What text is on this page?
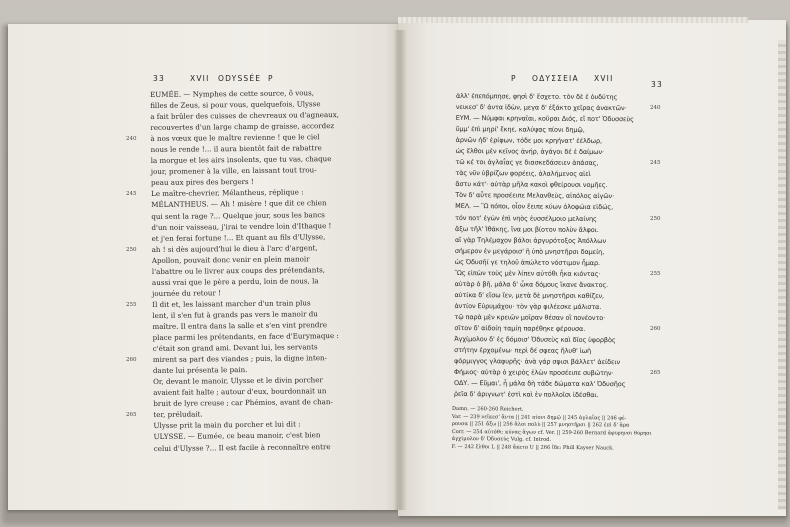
33	XVII ODYSSÉE P
EUMÉE. — Nymphes de cette source, ô vous,
filles de Zeus, si pour vous, quelquefois, Ulysse
a fait brûler des cuisses de chevreaux ou d'agneaux,
recouvertes d'un large champ de graisse, accordez
à nos vœux que le maître revienne ! que le ciel
nous le rende !... il aura bientôt fait de rabattre
la morgue et les airs insolents, que tu vas, chaque
jour, promener à la ville, en laissant tout trou-
peau aux pires des bergers !
Le maître-chevrier, Mélantheus, réplique :
MÉLANTHEUS. — Ah ! misère ! que dit ce chien
qui sent la rage ?... Quelque jour, sous les bancs
d'un noir vaisseau, j'irai te vendre loin d'Ithaque !
et j'en ferai fortune !... Et quant au fils d'Ulysse,
ah ! si dès aujourd'hui le dieu à l'arc d'argent,
Apollon, pouvait donc venir en plein manoir
l'abattre ou le livrer aux coups des prétendants,
aussi vrai que le père a perdu, loin de nous, la
journée du retour !
Il dit et, les laissant marcher d'un train plus
lent, il s'en fut à grands pas vers le manoir du
maître. Il entra dans la salle et s'en vint prendre
place parmi les prétendants, en face d'Eurymaque :
c'était son grand ami. Devant lui, les servants
mirent sa part des viandes ; puis, la digne inten-
dante lui présenta le pain.
Or, devant le manoir, Ulysse et le divin porcher
avaient fait halte ; autour d'eux, bourdonnait un
bruit de lyre creuse ; car Phémios, avant de chan-
ter, préludait.
Ulysse prit la main du porcher et lui dit :
ULYSSE. — Eumée, ce beau manoir, c'est bien
celui d'Ulysse ?... Il est facile à reconnaître entre
240
245
250
255
260
265
P ΟΔΥΣΣΕΙΑ XVII
33
ἀλλ' ἐπεπόμπησε, φησὶ δ' ἔσχετο. τὸν δὲ ἐ ὀυδύτης
νεικεσ' δ' ἀντα ἰδὼν, μεγα δ' ἐξάκτο χεῖρας ἀνακτῶν·
ΕΥΜ. — Νύμφαι κρηναῖαι, κοῦραι Διός, εἴ ποτ' Ὀδυσσεὺς
ὔμμ' ἐπὶ μηρί' ἔκηε, καλύψας πίονι δημῷ,
ἀρνῶν ἠδ' ἐρίφων, τόδε μοι κρηήνατ' ἐέλδωρ,
ὡς ἔλθοι μὲν κεῖνος ἀνήρ, ἀγάγοι δέ ἑ δαίμων·
τῶ κέ τοι ἀγλαΐας γε διασκεδάσειεν ἁπάσας,
τὰς νῦν ὑβρίζων φορέεις, ἀλαλήμενος αἰεὶ
ἄστυ κάτ'· αὐτὰρ μῆλα κακοὶ φθείρουσι νομῆες.
Τὸν δ' αὖτε προσέειπε Μελανθεὺς, αἰπόλος αἰγῶν·
ΜΕΛ. — Ὢ πόποι, οἷον ἔειπε κύων ὀλοφώια εἰδώς,
τόν ποτ' ἐγὼν ἐπὶ νηὸς ἐυσσέλμοιο μελαίνης
ἄξω τῆλ' Ἰθάκης, ἵνα μοι βίοτον πολὺν ἄλφοι.
αἲ γὰρ Τηλέμαχον βάλοι ἀργυρότοξος Ἀπόλλων
σήμερον ἐν μεγάροισ' ἢ ὑπὸ μνηστῆρσι δαμείη,
ὡς Ὀδυσῆί γε τηλοῦ ἀπώλετο νόστιμον ἦμαρ.
Ὣς εἰπὼν τοὺς μὲν λίπεν αὐτόθι ἦκα κιόντας·
αὐτὰρ ὁ βῆ, μάλα δ' ὦκα δόμους ἵκανε ἄνακτος.
αὐτίκα δ' εἴσω ἴεν, μετὰ δὲ μνηστῆρσι καθίζεν,
ἀντίον Εὐρυμάχου· τὸν γὰρ φιλέεσκε μάλιστα.
τῷ παρὰ μὲν κρειῶν μοῖραν θέσαν οἳ πονέοντο·
σῖτον δ' αἰδοίη ταμίη παρέθηκε φέρουσα.
Ἀγχίμολον δ' ἐς δόμοισ' Ὀδυσεὺς καὶ δῖος ὑφορβὸς
στήτην ἐρχομένω· περὶ δέ σφεας ἤλυθ' ἰωὴ
φόρμιγγος γλαφυρῆς· ἀνὰ γάρ σφισι βάλλετ' ἀείδειν
Φήμιος· αὐτὰρ ὁ χειρὸς ἑλὼν προσέειπε συβώτην·
ΟΔΥ. — Εὔμαι', ἦ μάλα δὴ τάδε δώματα καλ' Ὀδυσῆος
ῥεῖα δ' ἀριγνωτ' ἐστὶ καὶ ἐν πολλοῖσι ἰδέσθαι.
240
245
250
255
260
265
Damn. — 260-260 Reichert.
Var. — 239 νεῖκεσ' ἄντα || 241 πίονι δημῷ || 245 ἀγλαΐας || 246 φέ-
ρουσα || 251 ἄξω || 256 ἄλοι πολὺ || 257 μνηστῆρσι || 262 ἐπὶ δ' ἄρα
Corr. — 254 αὐτόθι: κύνας ἄγων cf. Ver. || 259-260 Bernard ἀφυρηνσι θύρησι
ἀγχίμολον δ' Ὀδυσεὺς Vulg. cf. Introd.
F. — 242 ἔλθοι L || 248 ἄκετο U || 266 ἴδε: Ρhill Κayser Nauck.
